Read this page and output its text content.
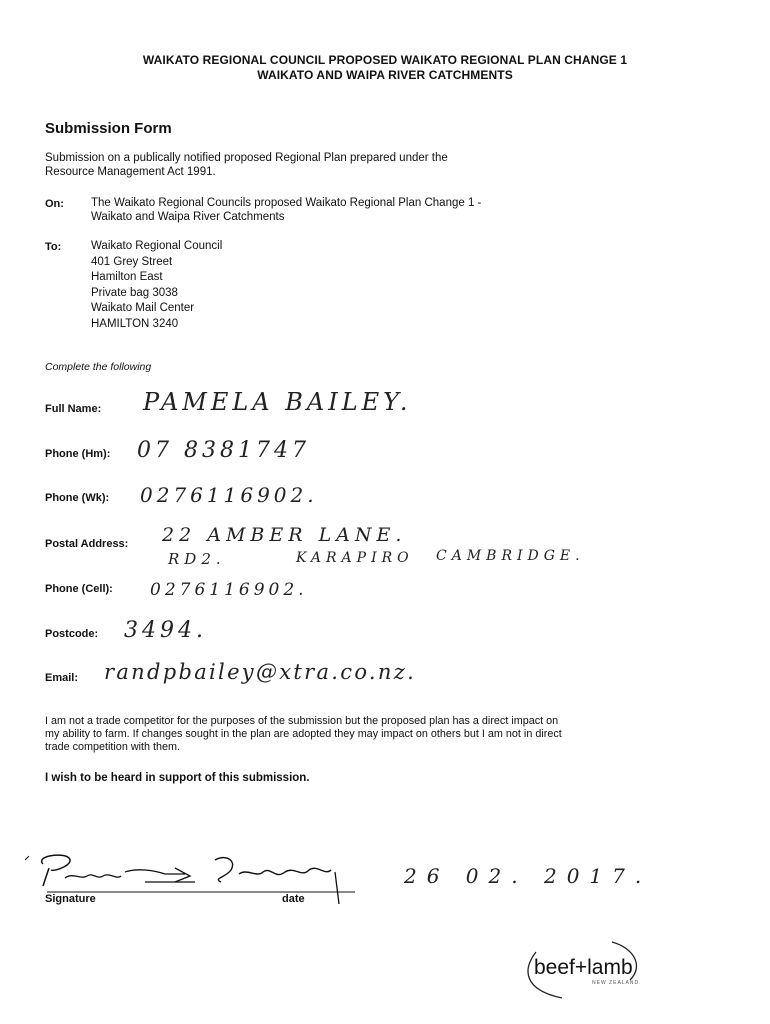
WAIKATO REGIONAL COUNCIL PROPOSED WAIKATO REGIONAL PLAN CHANGE 1
WAIKATO AND WAIPA RIVER CATCHMENTS
Submission Form
Submission on a publically notified proposed Regional Plan prepared under the
Resource Management Act 1991.
On: The Waikato Regional Councils proposed Waikato Regional Plan Change 1 -
Waikato and Waipa River Catchments
To:	Waikato Regional Council
401 Grey Street
Hamilton East
Private bag 3038
Waikato Mail Center
HAMILTON 3240
Complete the following
Full Name: PAMELA BAILEY.
Phone (Hm): 07 8381747
Phone (Wk): 0276116902.
Postal Address: 22 AMBER LANE.
RD2.	KARAPIRO CAMBRIDGE.
Phone (Cell): 0276116902.
Postcode: 3494.
Email: randpbailey@xtra.co.nz.
I am not a trade competitor for the purposes of the submission but the proposed plan has a direct impact on
my ability to farm. If changes sought in the plan are adopted they may impact on others but I am not in direct
trade competition with them.
I wish to be heard in support of this submission.
Signature	date
26 02. 2017.
beef+lamb
NEW ZEALAND
